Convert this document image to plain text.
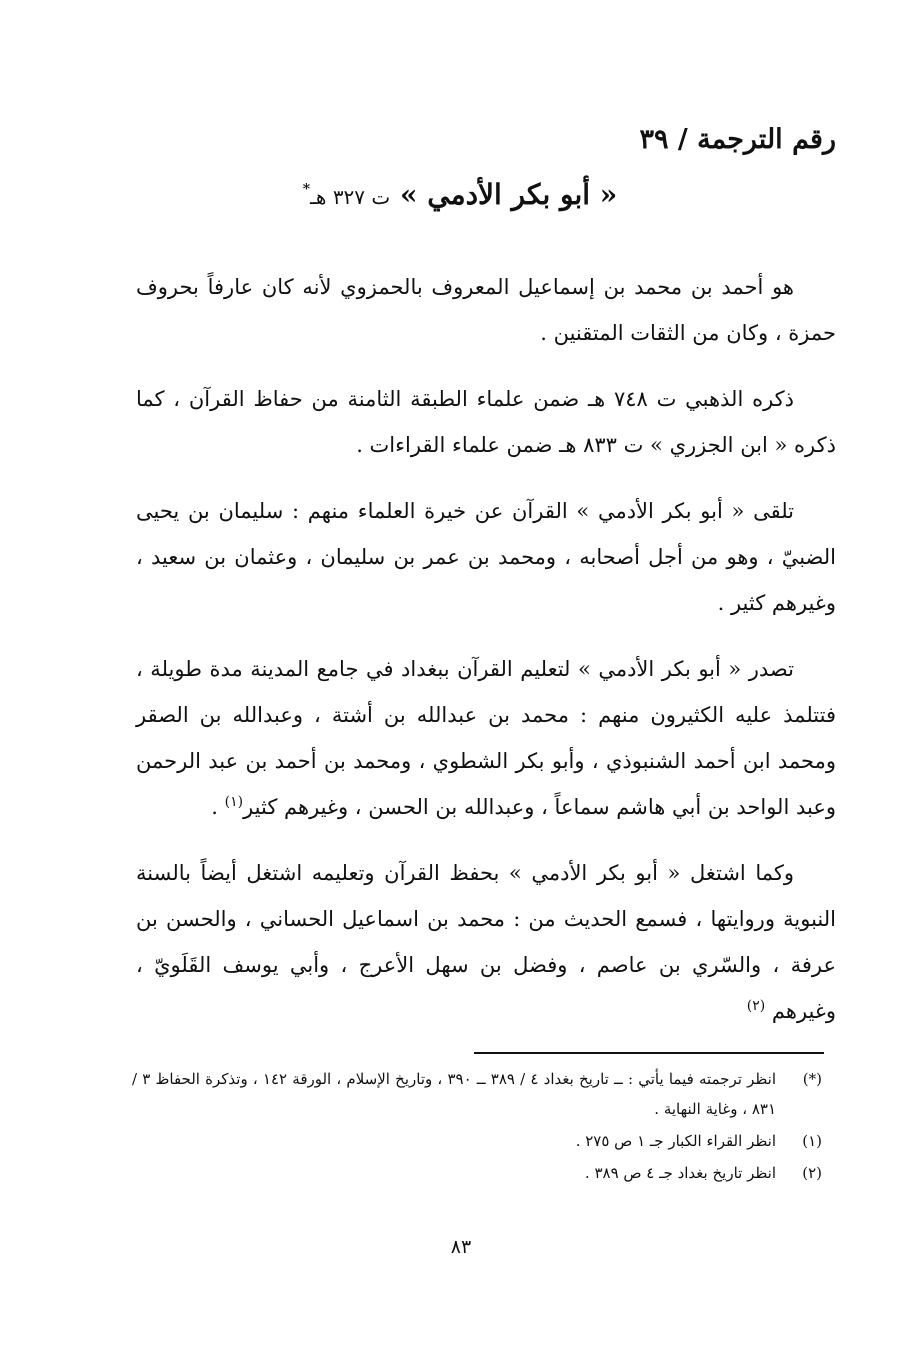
رقم الترجمة / ٣٩
« أبو بكر الأدمي » ت ٣٢٧ هـ*

هو أحمد بن محمد بن إسماعيل المعروف بالحمزوي لأنه كان عارفاً بحروف حمزة ، وكان من الثقات المتقنين .

ذكره الذهبي ت ٧٤٨ هـ ضمن علماء الطبقة الثامنة من حفاظ القرآن ، كما ذكره « ابن الجزري » ت ٨٣٣ هـ ضمن علماء القراءات .

تلقى « أبو بكر الأدمي » القرآن عن خيرة العلماء منهم : سليمان بن يحيى الضبيّ ، وهو من أجل أصحابه ، ومحمد بن عمر بن سليمان ، وعثمان بن سعيد ، وغيرهم كثير .

تصدر « أبو بكر الأدمي » لتعليم القرآن ببغداد في جامع المدينة مدة طويلة ، فتتلمذ عليه الكثيرون منهم : محمد بن عبدالله بن أشتة ، وعبدالله بن الصقر ومحمد ابن أحمد الشنبوذي ، وأبو بكر الشطوي ، ومحمد بن أحمد بن عبد الرحمن وعبد الواحد بن أبي هاشم سماعاً ، وعبدالله بن الحسن ، وغيرهم كثير$^{(١)}$ .

وكما اشتغل « أبو بكر الأدمي » بحفظ القرآن وتعليمه اشتغل أيضاً بالسنة النبوية وروايتها ، فسمع الحديث من : محمد بن اسماعيل الحساني ، والحسن بن عرفة ، والسّري بن عاصم ، وفضل بن سهل الأعرج ، وأبي يوسف القَلَويّ ، وغيرهم $^{(٢)}$

(*)
انظر ترجمته فيما يأتي : ــ تاريخ بغداد ٤ / ٣٨٩ ــ ٣٩٠ ، وتاريخ الإسلام ، الورقة ١٤٢ ، وتذكرة الحفاظ ٣ / ٨٣١ ، وغاية النهاية .
(١)
انظر القراء الكبار جـ ١ ص ٢٧٥ .
(٢)
انظر تاريخ بغداد جـ ٤ ص ٣٨٩ .
٨٣
